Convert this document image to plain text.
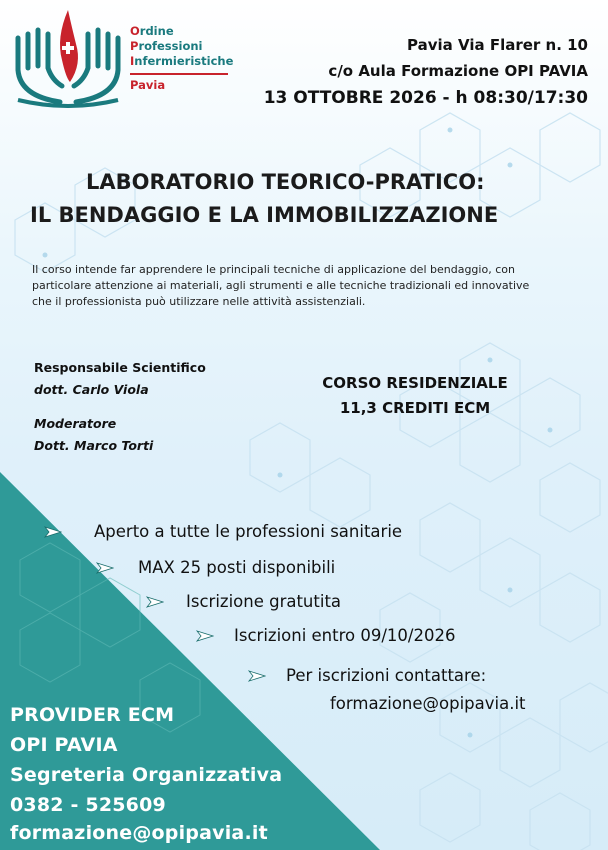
Ordine
Professioni
Infermieristiche
Pavia
Pavia Via Flarer n. 10
c/o Aula Formazione OPI PAVIA
13 OTTOBRE 2026 - h 08:30/17:30
LABORATORIO TEORICO-PRATICO:
IL BENDAGGIO E LA IMMOBILIZZAZIONE
Il corso intende far apprendere le principali tecniche di applicazione del bendaggio, con
particolare attenzione ai materiali, agli strumenti e alle tecniche tradizionali ed innovative
che il professionista può utilizzare nelle attività assistenziali.
Responsabile Scientifico
dott. Carlo Viola
Moderatore
Dott. Marco Torti
CORSO RESIDENZIALE
11,3 CREDITI ECM
Aperto a tutte le professioni sanitarie
MAX 25 posti disponibili
Iscrizione gratutita
Iscrizioni entro 09/10/2026
Per iscrizioni contattare:
formazione@opipavia.it
PROVIDER ECM
OPI PAVIA
Segreteria Organizzativa
0382 - 525609
formazione@opipavia.it
